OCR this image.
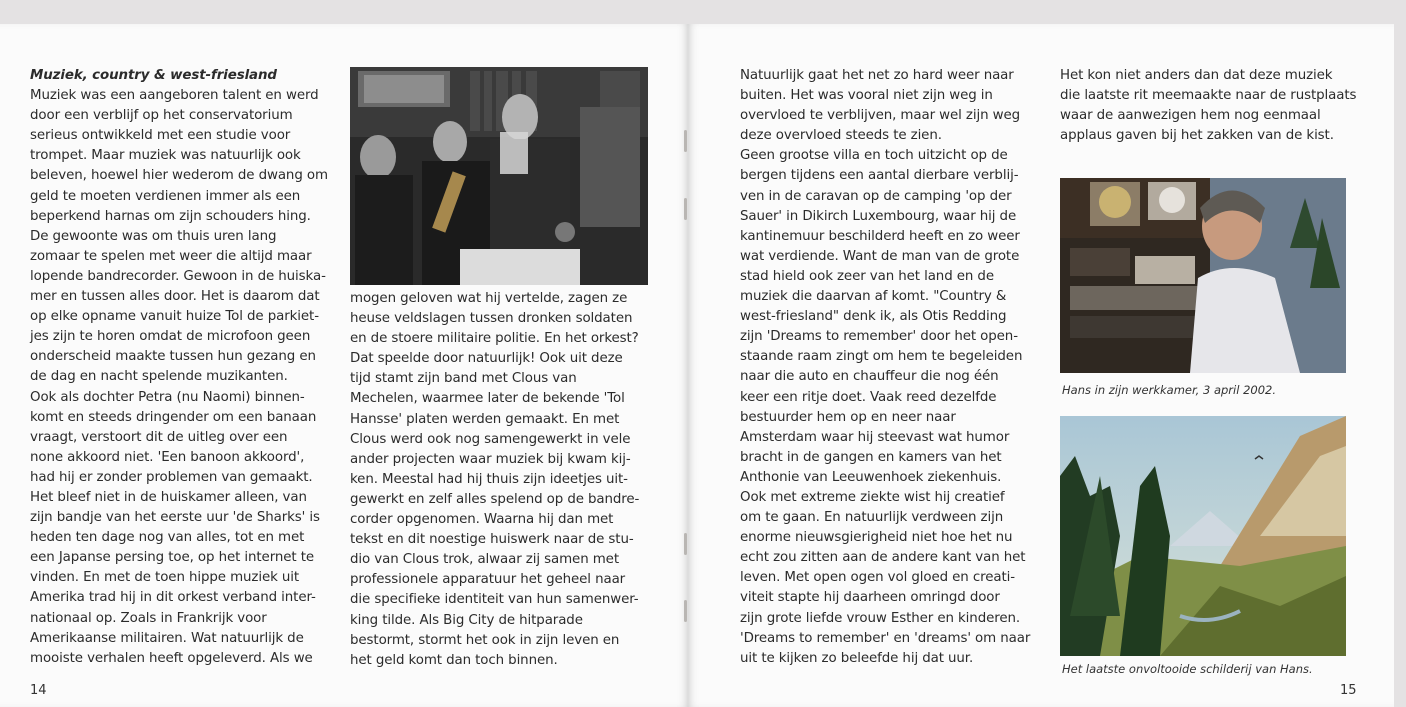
Muziek, country & west-friesland

Muziek was een aangeboren talent en werd

door een verblijf op het conservatorium

serieus ontwikkeld met een studie voor

trompet. Maar muziek was natuurlijk ook

beleven, hoewel hier wederom de dwang om

geld te moeten verdienen immer als een

beperkend harnas om zijn schouders hing.

De gewoonte was om thuis uren lang

zomaar te spelen met weer die altijd maar

lopende bandrecorder. Gewoon in de huiska-

mer en tussen alles door. Het is daarom dat

op elke opname vanuit huize Tol de parkiet-

jes zijn te horen omdat de microfoon geen

onderscheid maakte tussen hun gezang en

de dag en nacht spelende muzikanten.

Ook als dochter Petra (nu Naomi) binnen-

komt en steeds dringender om een banaan

vraagt, verstoort dit de uitleg over een

none akkoord niet. 'Een banoon akkoord',

had hij er zonder problemen van gemaakt.

Het bleef niet in de huiskamer alleen, van

zijn bandje van het eerste uur 'de Sharks' is

heden ten dage nog van alles, tot en met

een Japanse persing toe, op het internet te

vinden. En met de toen hippe muziek uit

Amerika trad hij in dit orkest verband inter-

nationaal op. Zoals in Frankrijk voor

Amerikaanse militairen. Wat natuurlijk de

mooiste verhalen heeft opgeleverd. Als we

mogen geloven wat hij vertelde, zagen ze

heuse veldslagen tussen dronken soldaten

en de stoere militaire politie. En het orkest?

Dat speelde door natuurlijk! Ook uit deze

tijd stamt zijn band met Clous van

Mechelen, waarmee later de bekende 'Tol

Hansse' platen werden gemaakt. En met

Clous werd ook nog samengewerkt in vele

ander projecten waar muziek bij kwam kij-

ken. Meestal had hij thuis zijn ideetjes uit-

gewerkt en zelf alles spelend op de bandre-

corder opgenomen. Waarna hij dan met

tekst en dit noestige huiswerk naar de stu-

dio van Clous trok, alwaar zij samen met

professionele apparatuur het geheel naar

die specifieke identiteit van hun samenwer-

king tilde. Als Big City de hitparade

bestormt, stormt het ook in zijn leven en

het geld komt dan toch binnen.

14

Natuurlijk gaat het net zo hard weer naar

buiten. Het was vooral niet zijn weg in

overvloed te verblijven, maar wel zijn weg

deze overvloed steeds te zien.

Geen grootse villa en toch uitzicht op de

bergen tijdens een aantal dierbare verblij-

ven in de caravan op de camping 'op der

Sauer' in Dikirch Luxembourg, waar hij de

kantinemuur beschilderd heeft en zo weer

wat verdiende. Want de man van de grote

stad hield ook zeer van het land en de

muziek die daarvan af komt. "Country &

west-friesland" denk ik, als Otis Redding

zijn 'Dreams to remember' door het open-

staande raam zingt om hem te begeleiden

naar die auto en chauffeur die nog één

keer een ritje doet. Vaak reed dezelfde

bestuurder hem op en neer naar

Amsterdam waar hij steevast wat humor

bracht in de gangen en kamers van het

Anthonie van Leeuwenhoek ziekenhuis.

Ook met extreme ziekte wist hij creatief

om te gaan. En natuurlijk verdween zijn

enorme nieuwsgierigheid niet hoe het nu

echt zou zitten aan de andere kant van het

leven. Met open ogen vol gloed en creati-

viteit stapte hij daarheen omringd door

zijn grote liefde vrouw Esther en kinderen.

'Dreams to remember' en 'dreams' om naar

uit te kijken zo beleefde hij dat uur.

Het kon niet anders dan dat deze muziek

die laatste rit meemaakte naar de rustplaats

waar de aanwezigen hem nog eenmaal

applaus gaven bij het zakken van de kist.

Hans in zijn werkkamer, 3 april 2002.
Het laatste onvoltooide schilderij van Hans.
15
